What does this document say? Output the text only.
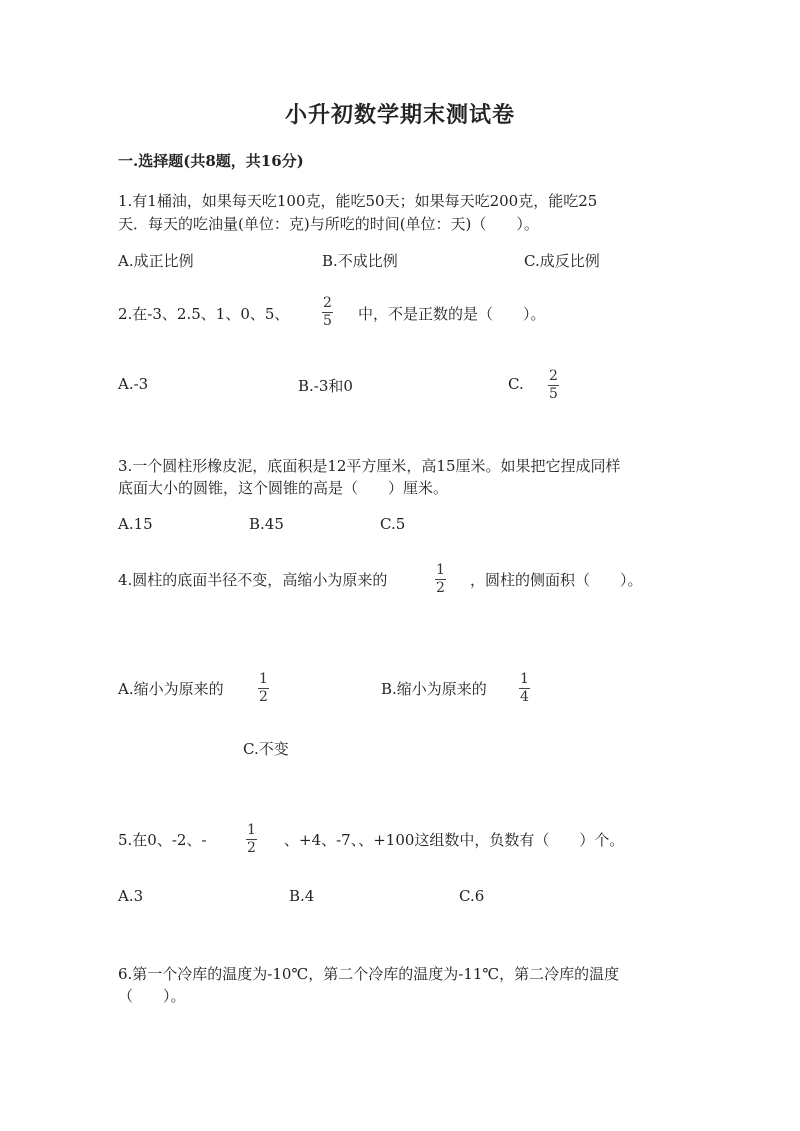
小升初数学期末测试卷
一.选择题(共8题，共16分)
1.有1桶油，如果每天吃100克，能吃50天；如果每天吃200克，能吃25
天．每天的吃油量(单位：克)与所吃的时间(单位：天)（　　）。
A.成正比例	B.不成比例	C.成反比例
2.在-3、2.5、1、0、5、
2
5 中，不是正数的是（　　）。
A.-3	B.-3和0	C. 2
5
3.一个圆柱形橡皮泥，底面积是12平方厘米，高15厘米。如果把它捏成同样
底面大小的圆锥，这个圆锥的高是（　　）厘米。
A.15	B.45	C.5
4.圆柱的底面半径不变，高缩小为原来的
1
2 ，圆柱的侧面积（　　）。
A.缩小为原来的
1
2	B.缩小为原来的
1
4
C.不变
5.在0、-2、-
1
2 、+4、-7、、+100这组数中，负数有（　　）个。
A.3	B.4	C.6
6.第一个冷库的温度为-10℃，第二个冷库的温度为-11℃，第二冷库的温度
（　　）。
